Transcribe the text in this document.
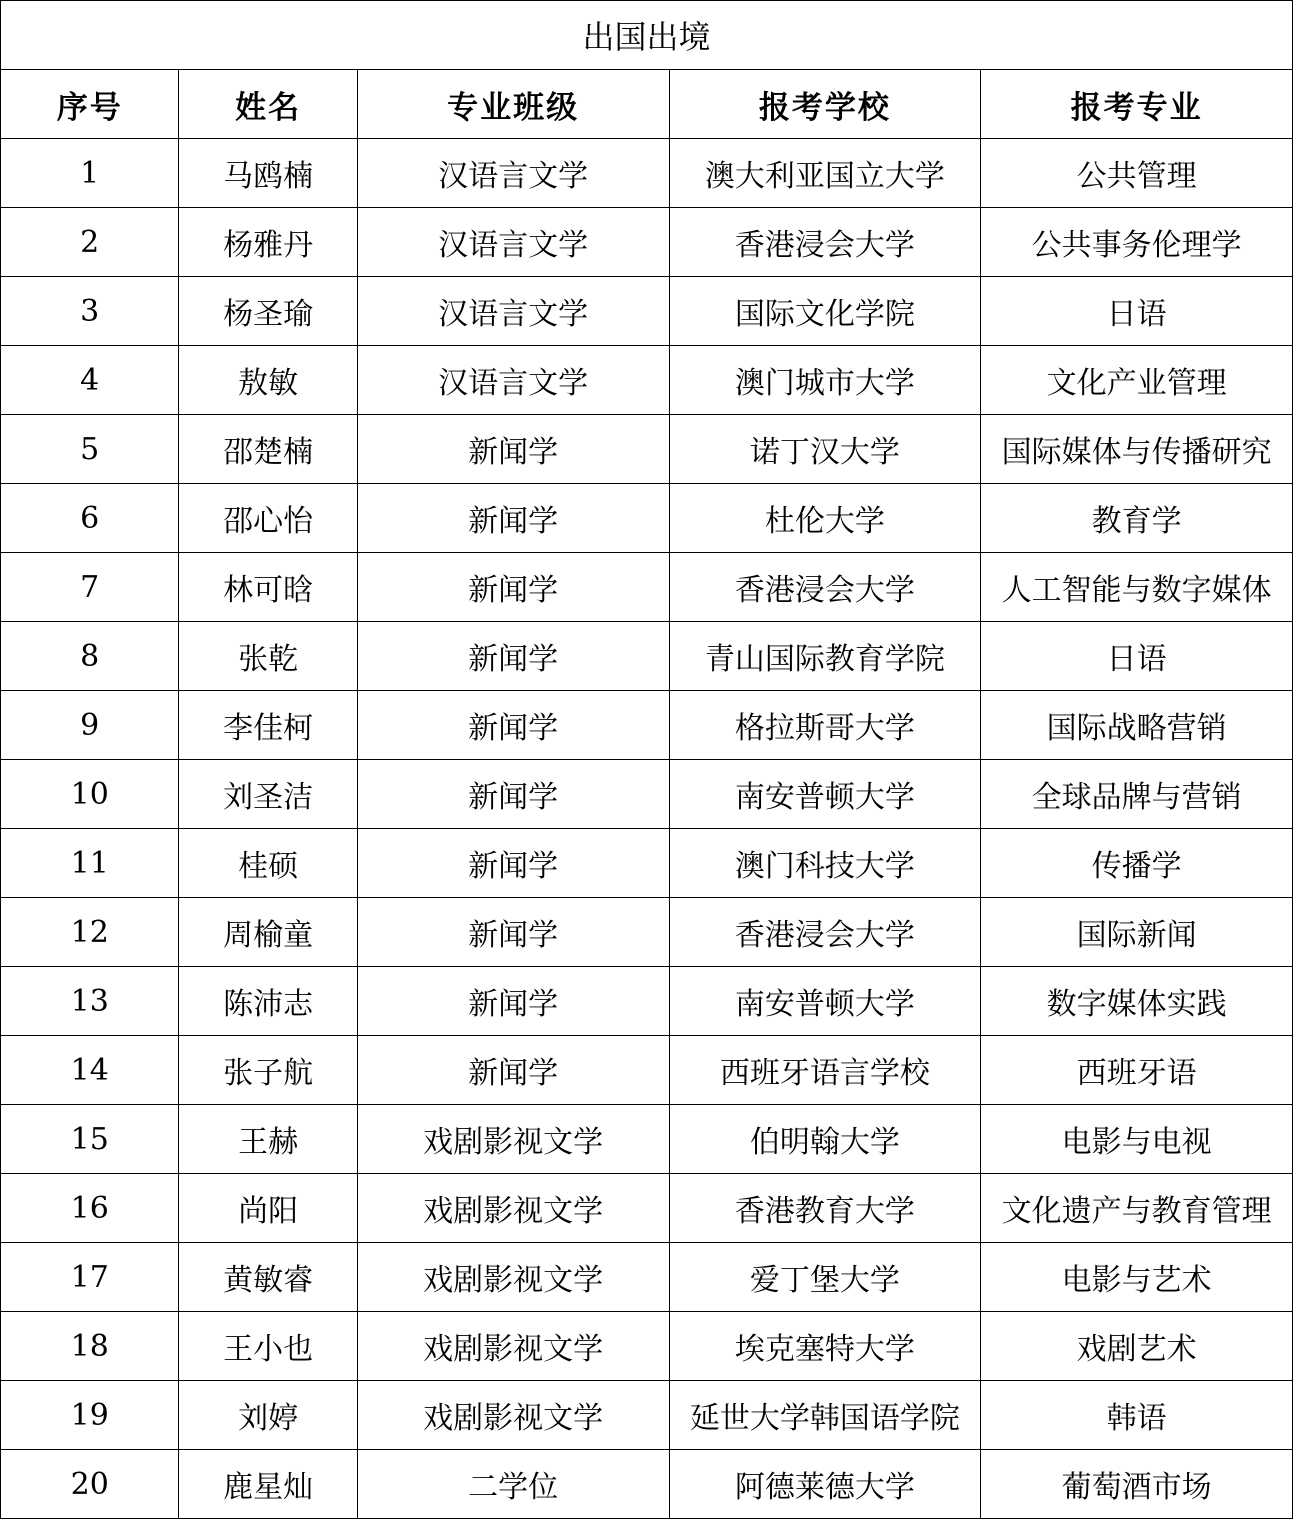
出国出境				
序号	姓名	专业班级	报考学校	报考专业
1	马鸥楠	汉语言文学	澳大利亚国立大学	公共管理
2	杨雅丹	汉语言文学	香港浸会大学	公共事务伦理学
3	杨圣瑜	汉语言文学	国际文化学院	日语
4	敖敏	汉语言文学	澳门城市大学	文化产业管理
5	邵楚楠	新闻学	诺丁汉大学	国际媒体与传播研究
6	邵心怡	新闻学	杜伦大学	教育学
7	林可晗	新闻学	香港浸会大学	人工智能与数字媒体
8	张乾	新闻学	青山国际教育学院	日语
9	李佳柯	新闻学	格拉斯哥大学	国际战略营销
10	刘圣洁	新闻学	南安普顿大学	全球品牌与营销
11	桂硕	新闻学	澳门科技大学	传播学
12	周榆童	新闻学	香港浸会大学	国际新闻
13	陈沛志	新闻学	南安普顿大学	数字媒体实践
14	张子航	新闻学	西班牙语言学校	西班牙语
15	王赫	戏剧影视文学	伯明翰大学	电影与电视
16	尚阳	戏剧影视文学	香港教育大学	文化遗产与教育管理
17	黄敏睿	戏剧影视文学	爱丁堡大学	电影与艺术
18	王小也	戏剧影视文学	埃克塞特大学	戏剧艺术
19	刘婷	戏剧影视文学	延世大学韩国语学院	韩语
20	鹿星灿	二学位	阿德莱德大学	葡萄酒市场
